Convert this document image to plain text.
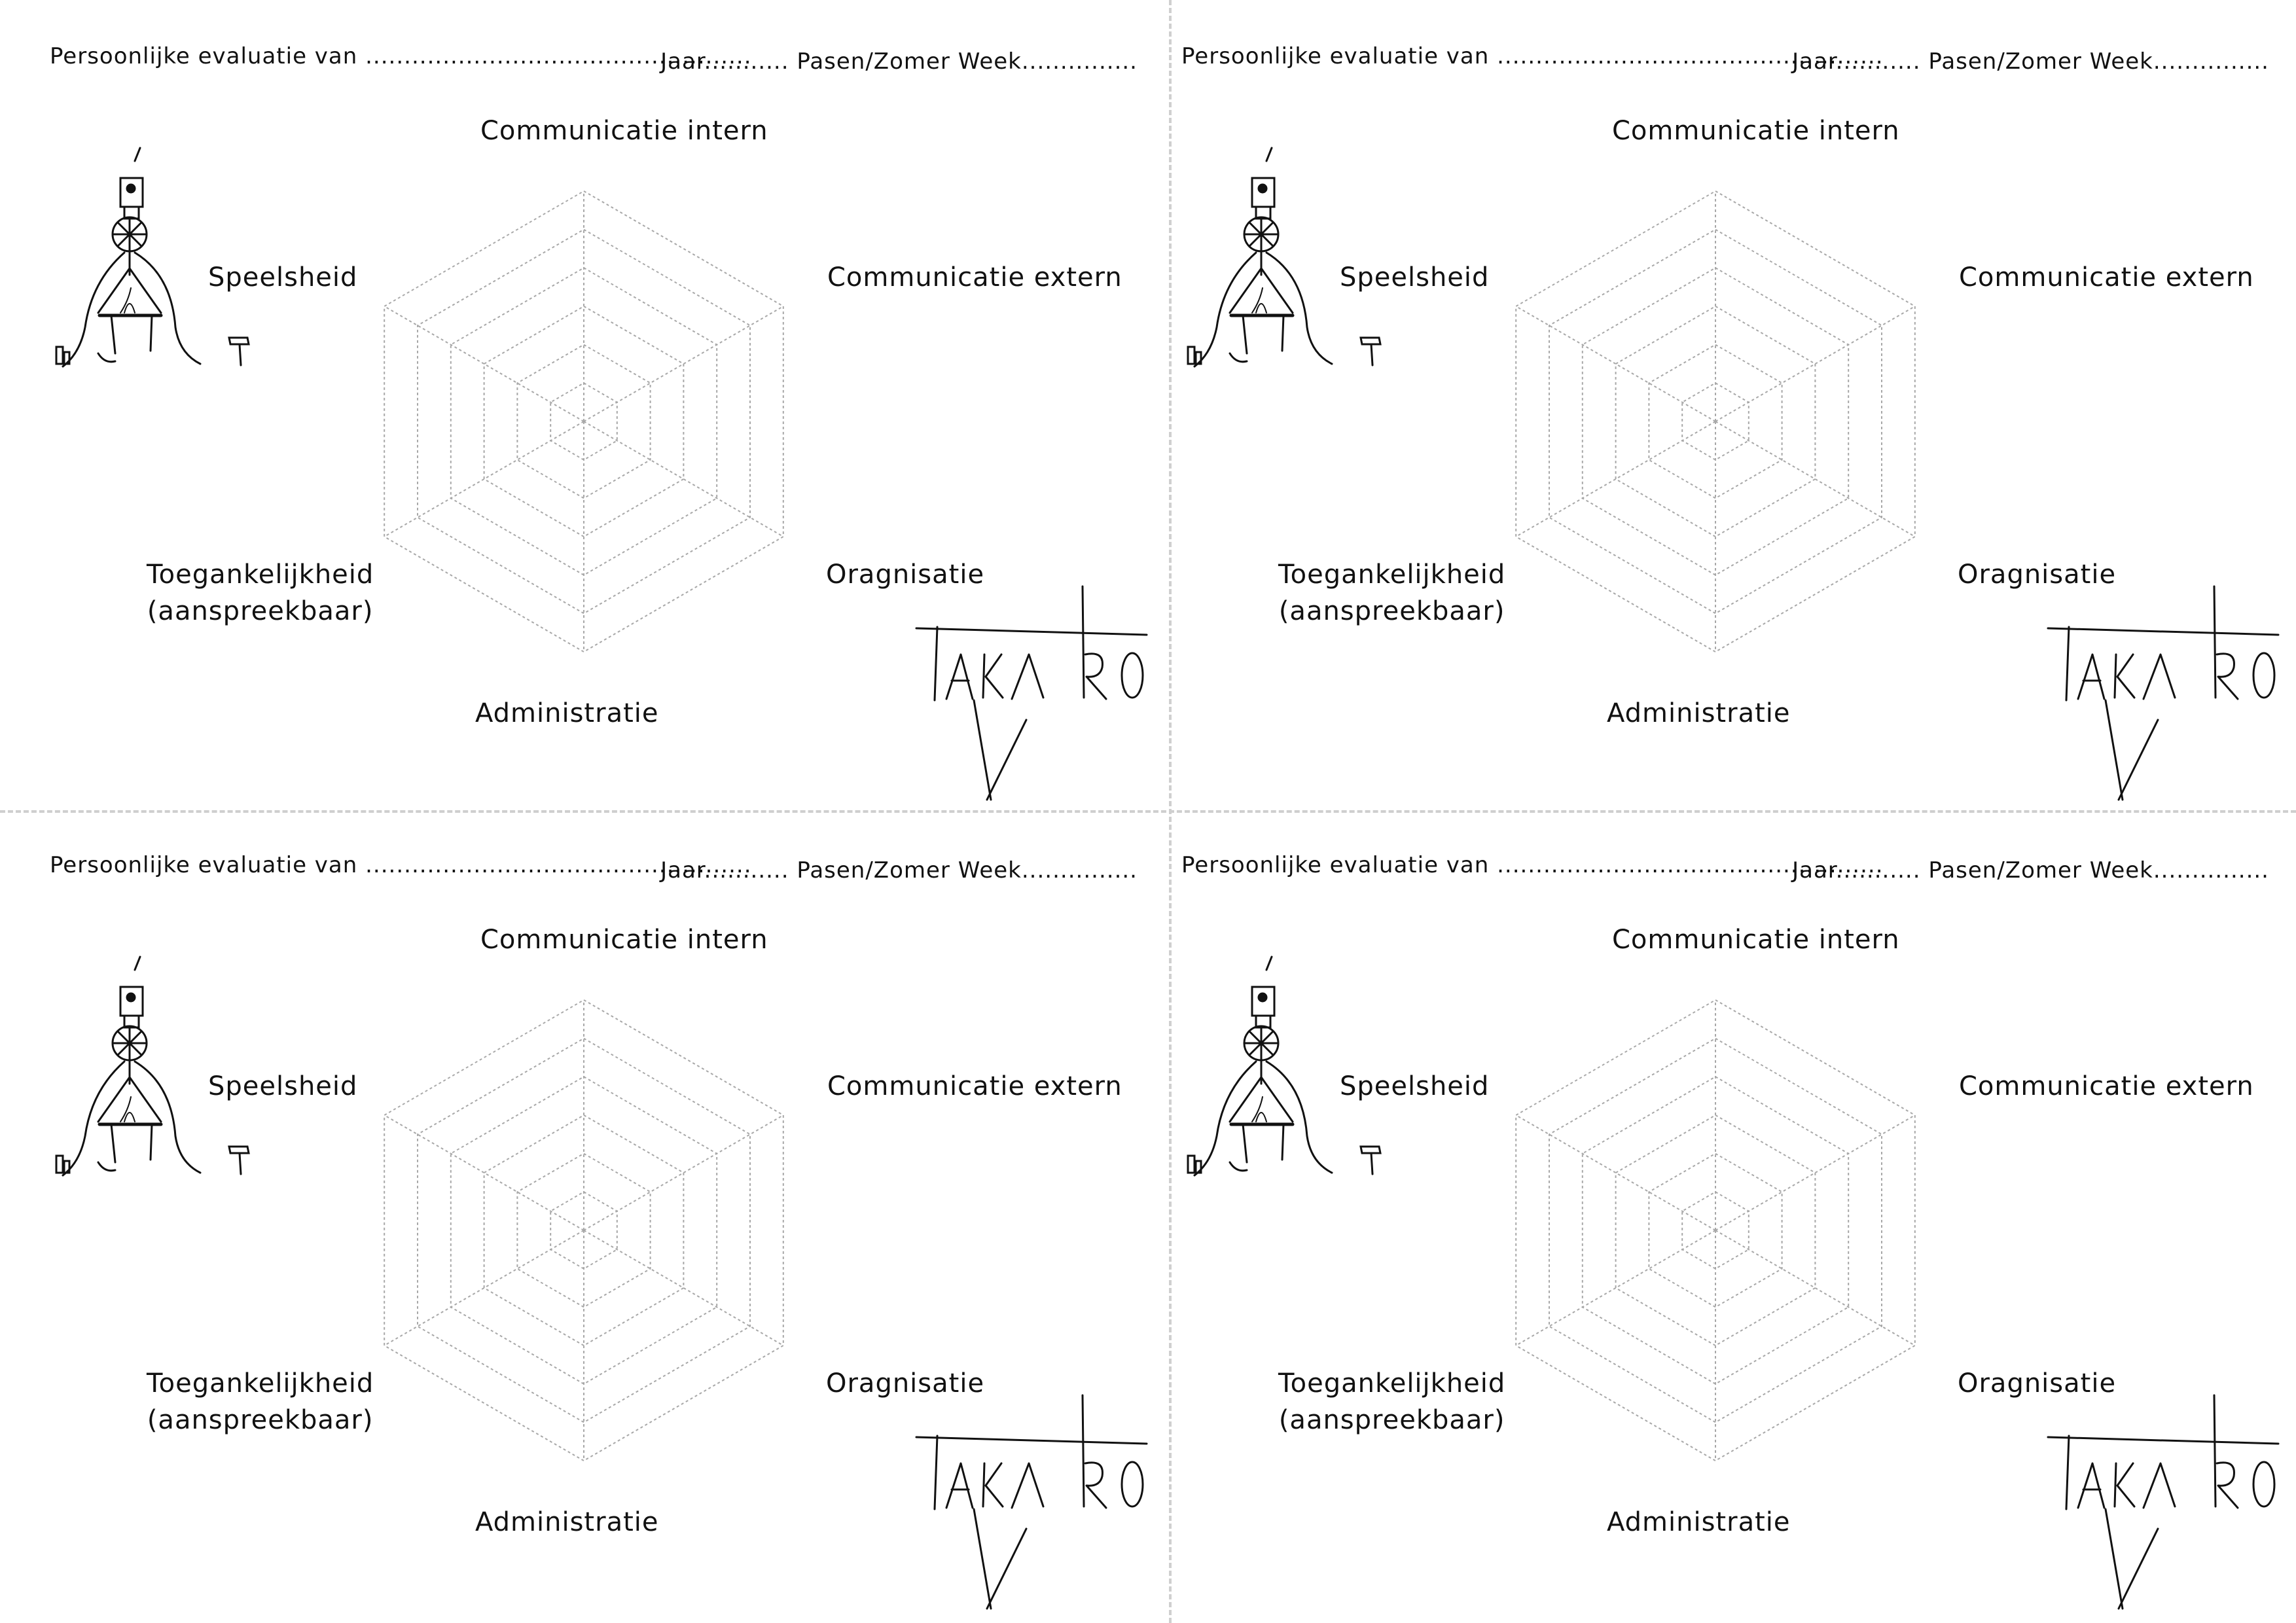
Persoonlijke evaluatie van ..................................................
Jaar........... Pasen/Zomer Week...............
Communicatie intern
Communicatie extern
Oragnisatie
Administratie
Toegankelijkheid
(aanspreekbaar)
Speelsheid
Persoonlijke evaluatie van ..................................................
Jaar........... Pasen/Zomer Week...............
Communicatie intern
Communicatie extern
Oragnisatie
Administratie
Toegankelijkheid
(aanspreekbaar)
Speelsheid
Persoonlijke evaluatie van ..................................................
Jaar........... Pasen/Zomer Week...............
Communicatie intern
Communicatie extern
Oragnisatie
Administratie
Toegankelijkheid
(aanspreekbaar)
Speelsheid
Persoonlijke evaluatie van ..................................................
Jaar........... Pasen/Zomer Week...............
Communicatie intern
Communicatie extern
Oragnisatie
Administratie
Toegankelijkheid
(aanspreekbaar)
Speelsheid
